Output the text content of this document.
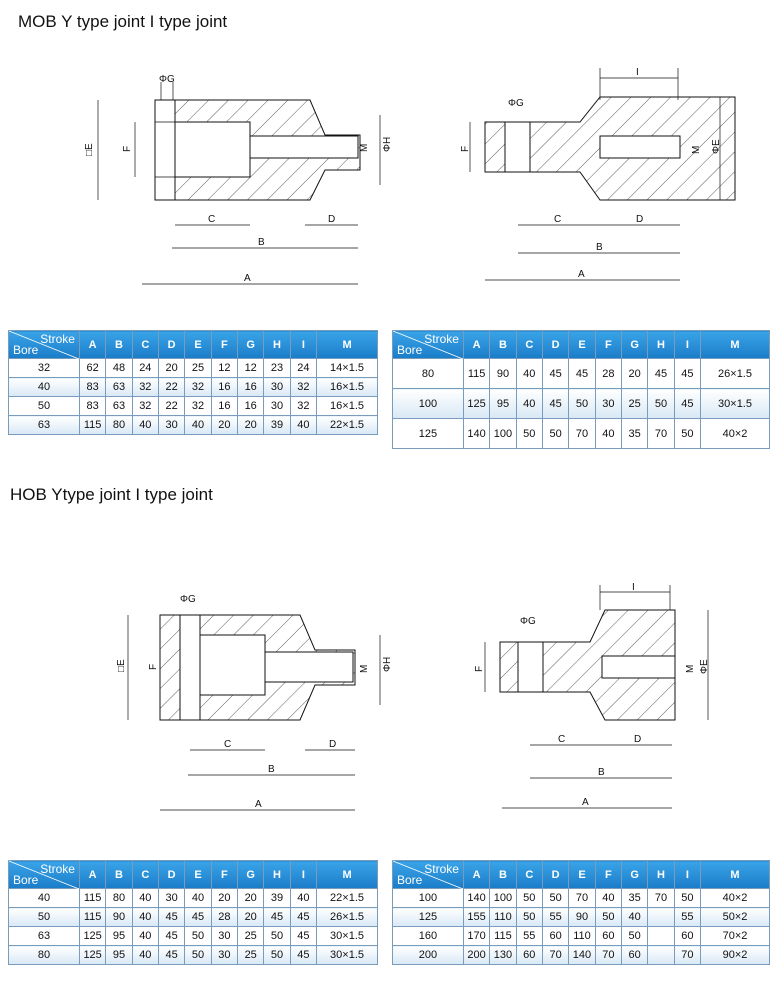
MOB Y type joint I type joint
HOB Ytype joint I type joint
ΦG
□E	F	ΦH
M
C	D
B
A
I
ΦG
F	M ΦE
C	D
B
A
Stroke
Bore	A	B	C	D	E	F	G	H	I	M
32	62	48	24	20	25	12	12	23	24	14×1.5
40	83	63	32	22	32	16	16	30	32	16×1.5
50	83	63	32	22	32	16	16	30	32	16×1.5
63	115	80	40	30	40	20	20	39	40	22×1.5
Stroke
Bore	A	B	C	D	E	F	G	H	I	M
80	115	90	40	45	45	28	20	45	45	26×1.5
100	125	95	40	45	50	30	25	50	45	30×1.5
125	140	100	50	50	70	40	35	70	50	40×2
ΦG
□E F	ΦH
M
C	D
B
A
I
ΦG
F	M ΦE
C	D
B
A
Stroke
Bore	A	B	C	D	E	F	G	H	I	M
40	115	80	40	30	40	20	20	39	40	22×1.5
50	115	90	40	45	45	28	20	45	45	26×1.5
63	125	95	40	45	50	30	25	50	45	30×1.5
80	125	95	40	45	50	30	25	50	45	30×1.5
Stroke
Bore	A	B	C	D	E	F	G	H	I	M
100	140	100	50	50	70	40	35	70	50	40×2
125	155	110	50	55	90	50	40		55	50×2
160	170	115	55	60	110	60	50		60	70×2
200	200	130	60	70	140	70	60		70	90×2
